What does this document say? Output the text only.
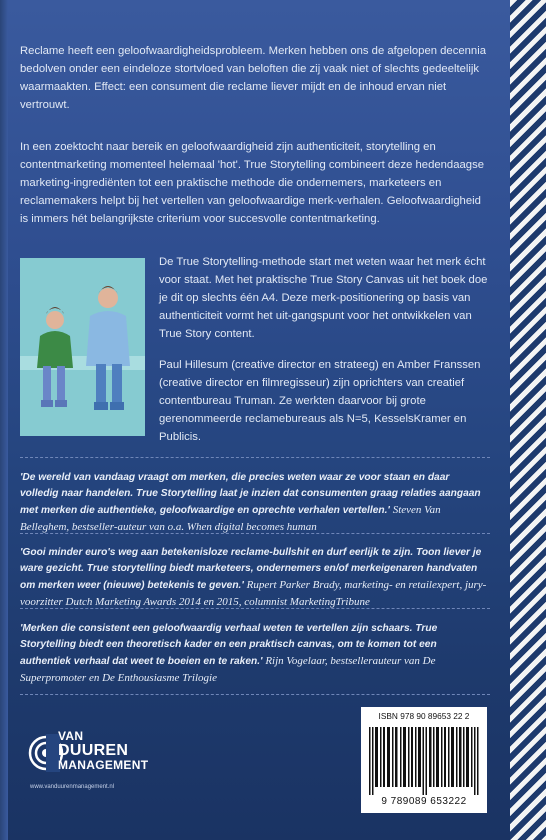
Reclame heeft een geloofwaardigheidsprobleem. Merken hebben ons de afgelopen decennia bedolven onder een eindeloze stortvloed van beloften die zij vaak niet of slechts gedeeltelijk waarmaakten. Effect: een consument die reclame liever mijdt en de inhoud ervan niet vertrouwt.

In een zoektocht naar bereik en geloofwaardigheid zijn authenticiteit, storytelling en contentmarketing momenteel helemaal 'hot'. True Storytelling combineert deze hedendaagse marketing-ingrediënten tot een praktische methode die ondernemers, marketeers en reclamemakers helpt bij het vertellen van geloofwaardige merk-verhalen. Geloofwaardigheid is immers hét belangrijkste criterium voor succesvolle contentmarketing.

De True Storytelling-methode start met weten waar het merk écht voor staat. Met het praktische True Story Canvas uit het boek doe je dit op slechts één A4. Deze merk-positionering op basis van authenticiteit vormt het uit-gangspunt voor het ontwikkelen van True Story content.

Paul Hillesum (creative director en strateeg) en Amber Franssen (creative director en filmregisseur) zijn oprichters van creatief contentbureau Truman. Ze werkten daarvoor bij grote gerenommeerde reclamebureaus als N=5, KesselsKramer en Publicis.

'De wereld van vandaag vraagt om merken, die precies weten waar ze voor staan en daar volledig naar handelen. True Storytelling laat je inzien dat consumenten graag relaties aangaan met merken die authentieke, geloofwaardige en oprechte verhalen vertellen.' Steven Van Belleghem, bestseller-auteur van o.a. When digital becomes human

'Gooi minder euro's weg aan betekenisloze reclame-bullshit en durf eerlijk te zijn. Toon liever je ware gezicht. True storytelling biedt marketeers, ondernemers en/of merkeigenaren handvaten om merken weer (nieuwe) betekenis te geven.' Rupert Parker Brady, marketing- en retailexpert, jury-voorzitter Dutch Marketing Awards 2014 en 2015, columnist MarketingTribune

'Merken die consistent een geloofwaardig verhaal weten te vertellen zijn schaars. True Storytelling biedt een theoretisch kader en een praktisch canvas, om te komen tot een authentiek verhaal dat weet te boeien en te raken.' Rijn Vogelaar, bestsellerauteur van De Superpromoter en De Enthousiasme Trilogie

VAN
DUUREN
MANAGEMENT
www.vanduurenmanagement.nl
ISBN 978 90 89653 22 2
9 789089 653222
